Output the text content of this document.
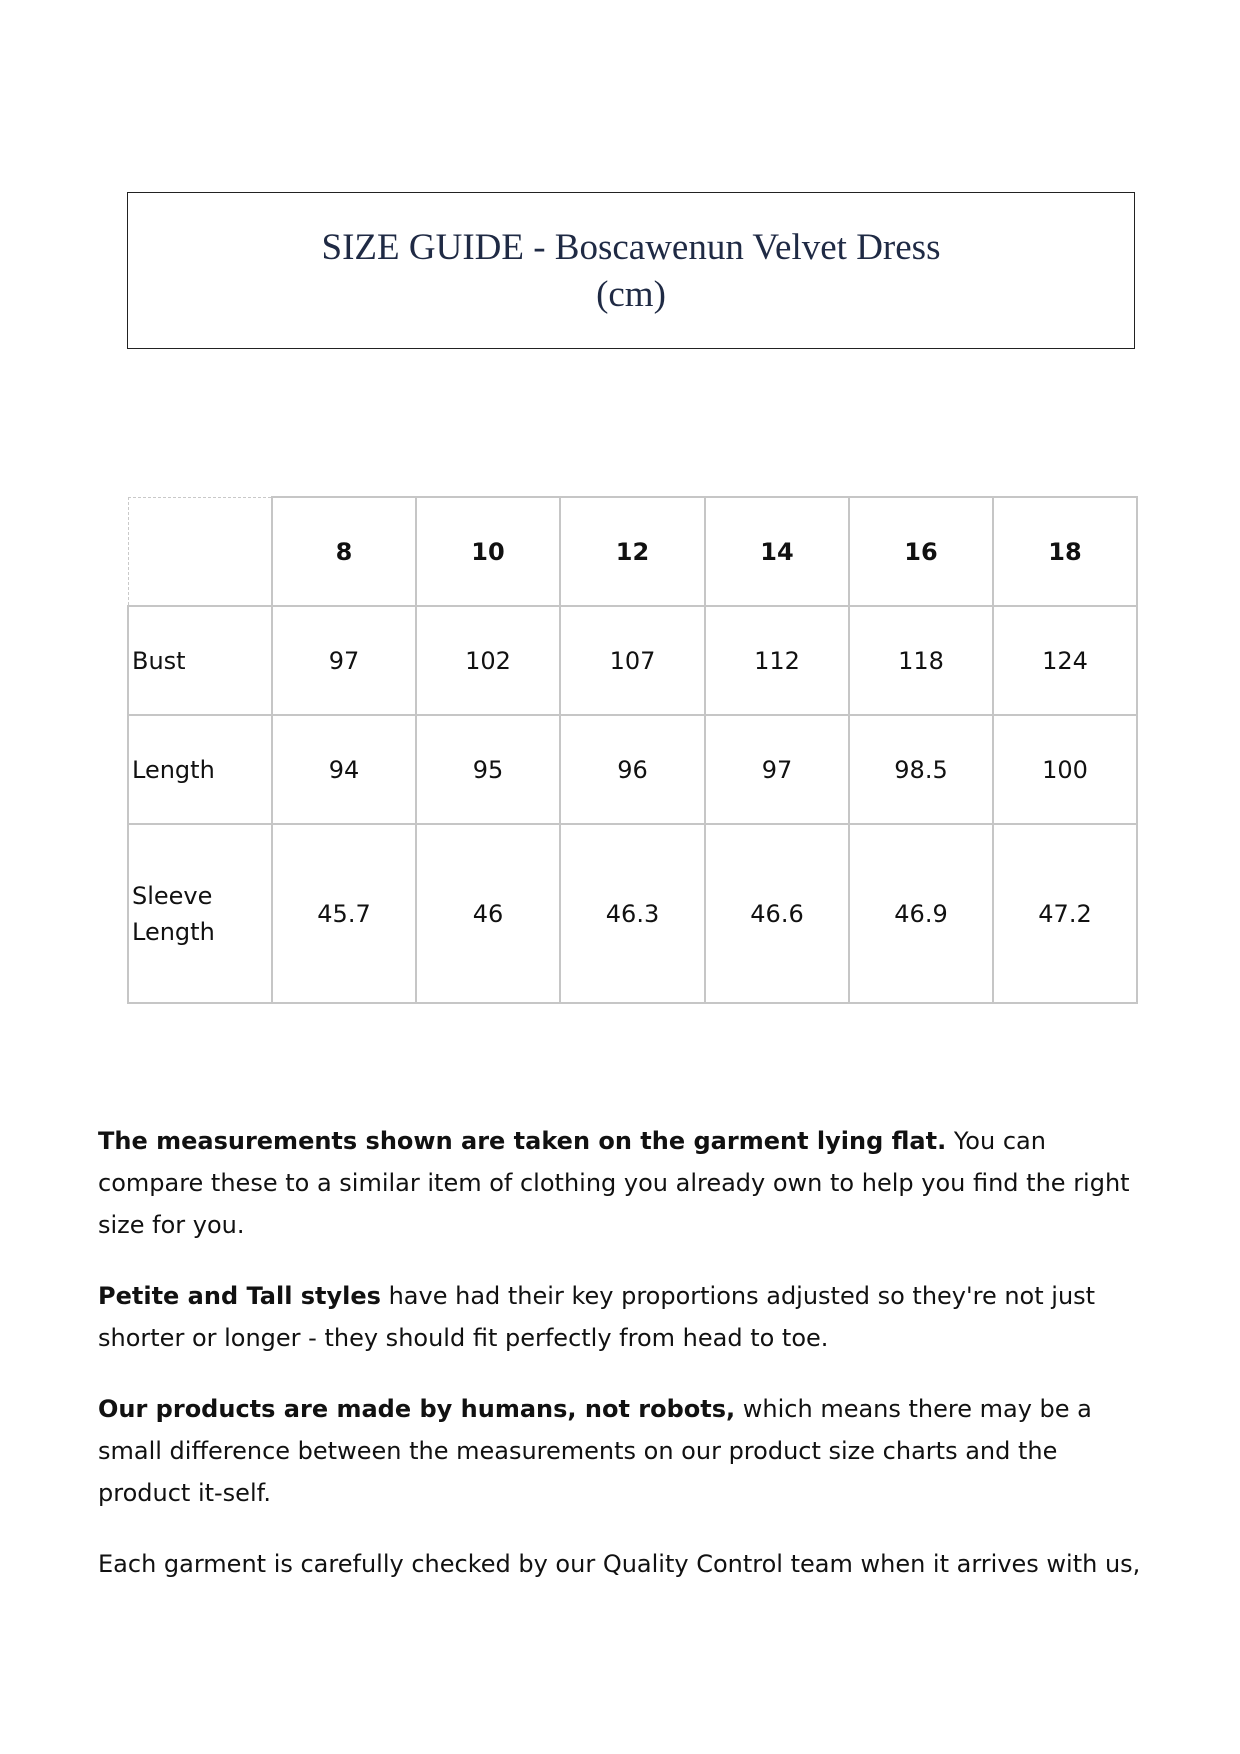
SIZE GUIDE - Boscawenun Velvet Dress
(cm)
	8	10	12	14	16	18
Bust	97	102	107	112	118	124
Length	94	95	96	97	98.5	100
Sleeve
Length	45.7	46	46.3	46.6	46.9	47.2

The measurements shown are taken on the garment lying flat. You can compare these to a similar item of clothing you already own to help you find the right size for you.

Petite and Tall styles have had their key proportions adjusted so they're not just shorter or longer - they should fit perfectly from head to toe.

Our products are made by humans, not robots, which means there may be a small difference between the measurements on our product size charts and the product it-self.

Each garment is carefully checked by our Quality Control team when it arrives with us,
